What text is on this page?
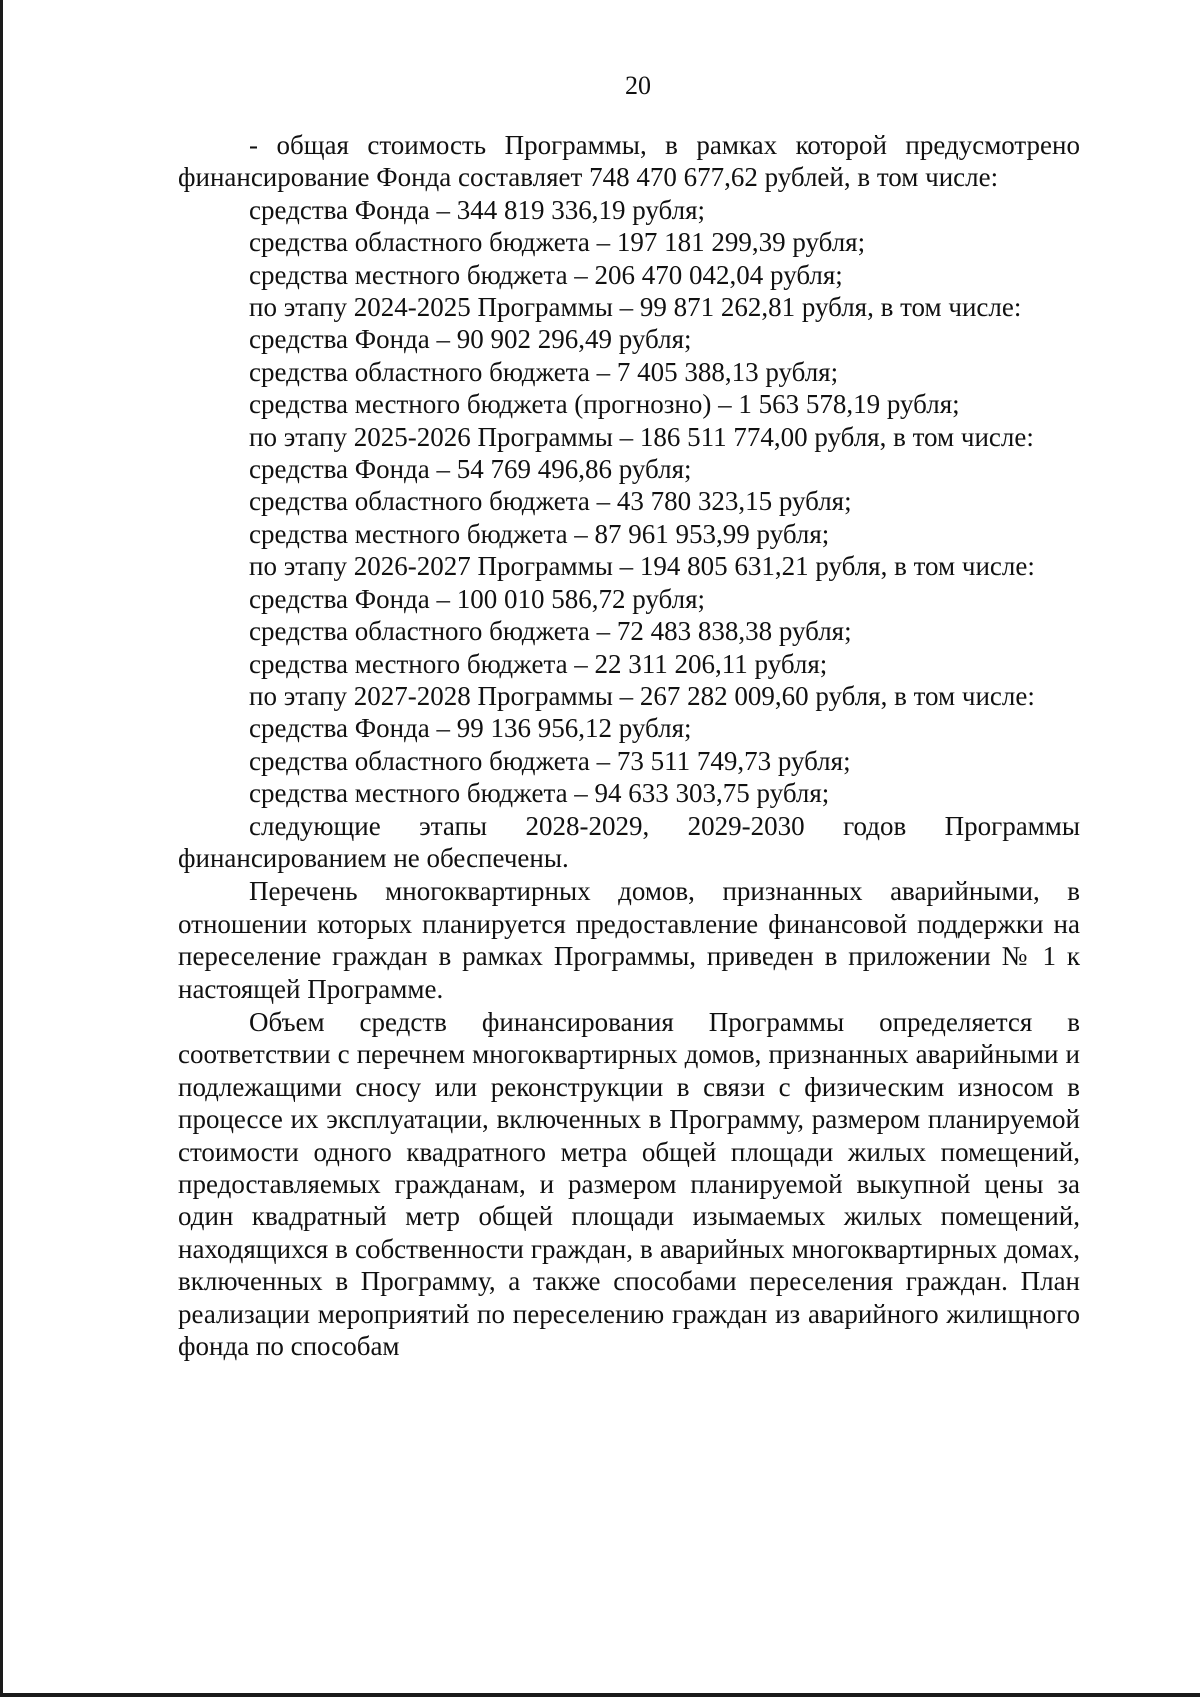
20

- общая стоимость Программы, в рамках которой предусмотрено финансирование Фонда составляет 748 470 677,62 рублей, в том числе:

средства Фонда – 344 819 336,19 рубля;

средства областного бюджета – 197 181 299,39 рубля;

средства местного бюджета – 206 470 042,04 рубля;

по этапу 2024-2025 Программы – 99 871 262,81 рубля, в том числе:

средства Фонда – 90 902 296,49 рубля;

средства областного бюджета – 7 405 388,13 рубля;

средства местного бюджета (прогнозно) – 1 563 578,19 рубля;

по этапу 2025-2026 Программы – 186 511 774,00 рубля, в том числе:

средства Фонда – 54 769 496,86 рубля;

средства областного бюджета – 43 780 323,15 рубля;

средства местного бюджета – 87 961 953,99 рубля;

по этапу 2026-2027 Программы – 194 805 631,21 рубля, в том числе:

средства Фонда – 100 010 586,72 рубля;

средства областного бюджета – 72 483 838,38 рубля;

средства местного бюджета – 22 311 206,11 рубля;

по этапу 2027-2028 Программы – 267 282 009,60 рубля, в том числе:

средства Фонда – 99 136 956,12 рубля;

средства областного бюджета – 73 511 749,73 рубля;

средства местного бюджета – 94 633 303,75 рубля;

следующие этапы 2028-2029, 2029-2030 годов Программы финансированием не обеспечены.

Перечень многоквартирных домов, признанных аварийными, в отношении которых планируется предоставление финансовой поддержки на переселение граждан в рамках Программы, приведен в приложении № 1 к настоящей Программе.

Объем средств финансирования Программы определяется в соответствии с перечнем многоквартирных домов, признанных аварийными и подлежащими сносу или реконструкции в связи с физическим износом в процессе их эксплуатации, включенных в Программу, размером планируемой стоимости одного квадратного метра общей площади жилых помещений, предоставляемых гражданам, и размером планируемой выкупной цены за один квадратный метр общей площади изымаемых жилых помещений, находящихся в собственности граждан, в аварийных многоквартирных домах, включенных в Программу, а также способами переселения граждан. План реализации мероприятий по переселению граждан из аварийного жилищного фонда по способам
